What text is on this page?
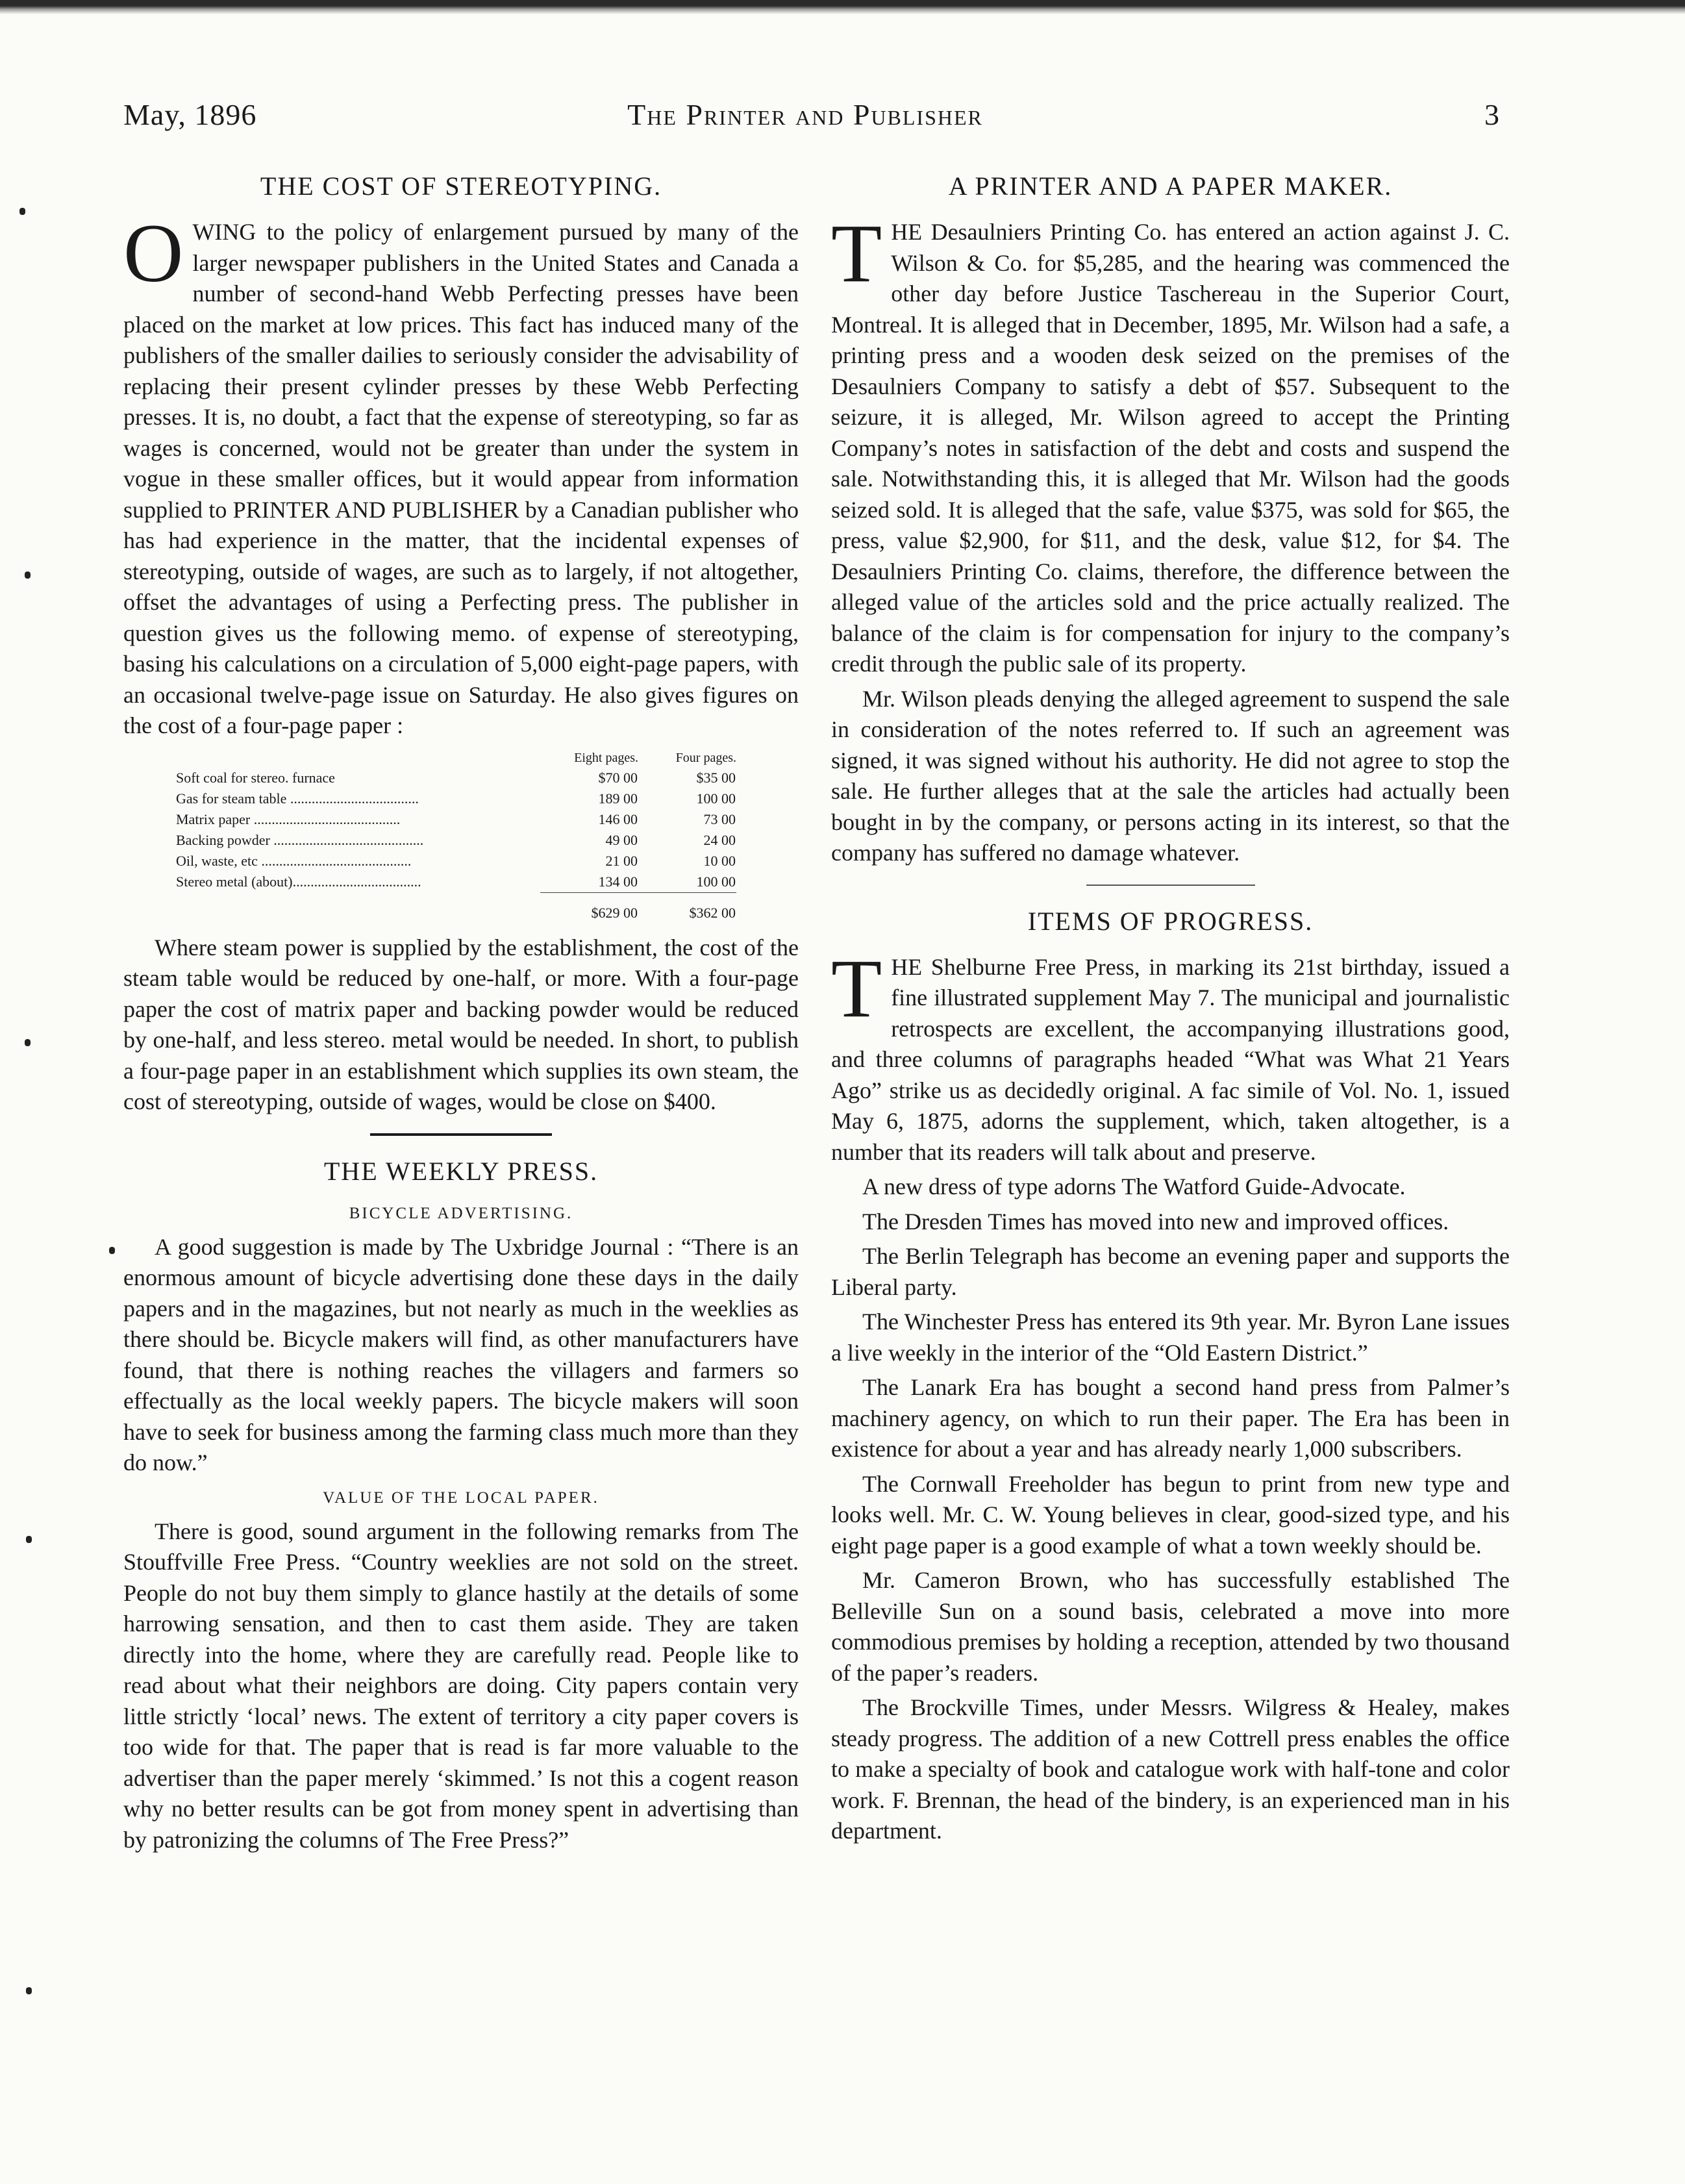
May, 1896	The Printer and Publisher	3
THE COST OF STEREOTYPING.

OWING to the policy of enlargement pursued by many of the larger newspaper publishers in the United States and Canada a number of second-hand Webb Perfecting presses have been placed on the market at low prices. This fact has induced many of the publishers of the smaller dailies to seriously consider the advisability of replacing their present cylinder presses by these Webb Perfecting presses. It is, no doubt, a fact that the expense of stereotyping, so far as wages is concerned, would not be greater than under the system in vogue in these smaller offices, but it would appear from information supplied to PRINTER AND PUBLISHER by a Canadian publisher who has had experience in the matter, that the incidental expenses of stereotyping, outside of wages, are such as to largely, if not altogether, offset the advantages of using a Perfecting press. The publisher in question gives us the following memo. of expense of stereotyping, basing his calculations on a circulation of 5,000 eight-page papers, with an occasional twelve-page issue on Saturday. He also gives figures on the cost of a four-page paper :

	Eight pages.	Four pages.
Soft coal for stereo. furnace	$70 00	$35 00
Gas for steam table ....................................	189 00	100 00
Matrix paper .........................................	146 00	73 00
Backing powder ..........................................	49 00	24 00
Oil, waste, etc ..........................................	21 00	10 00
Stereo metal (about)....................................	134 00	100 00
	$629 00	$362 00

Where steam power is supplied by the establishment, the cost of the steam table would be reduced by one-half, or more. With a four-page paper the cost of matrix paper and backing powder would be reduced by one-half, and less stereo. metal would be needed. In short, to publish a four-page paper in an establishment which supplies its own steam, the cost of stereotyping, outside of wages, would be close on $400.

THE WEEKLY PRESS.
BICYCLE ADVERTISING.

A good suggestion is made by The Uxbridge Journal : “There is an enormous amount of bicycle advertising done these days in the daily papers and in the magazines, but not nearly as much in the weeklies as there should be. Bicycle makers will find, as other manufacturers have found, that there is nothing reaches the villagers and farmers so effectually as the local weekly papers. The bicycle makers will soon have to seek for business among the farming class much more than they do now.”

VALUE OF THE LOCAL PAPER.

There is good, sound argument in the following remarks from The Stouffville Free Press. “Country weeklies are not sold on the street. People do not buy them simply to glance hastily at the details of some harrowing sensation, and then to cast them aside. They are taken directly into the home, where they are carefully read. People like to read about what their neighbors are doing. City papers contain very little strictly ‘local’ news. The extent of territory a city paper covers is too wide for that. The paper that is read is far more valuable to the advertiser than the paper merely ‘skimmed.’ Is not this a cogent reason why no better results can be got from money spent in advertising than by patronizing the columns of The Free Press?”

A PRINTER AND A PAPER MAKER.

THE Desaulniers Printing Co. has entered an action against J. C. Wilson & Co. for $5,285, and the hearing was commenced the other day before Justice Taschereau in the Superior Court, Montreal. It is alleged that in December, 1895, Mr. Wilson had a safe, a printing press and a wooden desk seized on the premises of the Desaulniers Company to satisfy a debt of $57. Subsequent to the seizure, it is alleged, Mr. Wilson agreed to accept the Printing Company’s notes in satisfaction of the debt and costs and suspend the sale. Notwithstanding this, it is alleged that Mr. Wilson had the goods seized sold. It is alleged that the safe, value $375, was sold for $65, the press, value $2,900, for $11, and the desk, value $12, for $4. The Desaulniers Printing Co. claims, therefore, the difference between the alleged value of the articles sold and the price actually realized. The balance of the claim is for compensation for injury to the company’s credit through the public sale of its property.

Mr. Wilson pleads denying the alleged agreement to suspend the sale in consideration of the notes referred to. If such an agreement was signed, it was signed without his authority. He did not agree to stop the sale. He further alleges that at the sale the articles had actually been bought in by the company, or persons acting in its interest, so that the company has suffered no damage whatever.

ITEMS OF PROGRESS.

THE Shelburne Free Press, in marking its 21st birthday, issued a fine illustrated supplement May 7. The municipal and journalistic retrospects are excellent, the accompanying illustrations good, and three columns of paragraphs headed “What was What 21 Years Ago” strike us as decidedly original. A fac simile of Vol. No. 1, issued May 6, 1875, adorns the supplement, which, taken altogether, is a number that its readers will talk about and preserve.

A new dress of type adorns The Watford Guide-Advocate.

The Dresden Times has moved into new and improved offices.

The Berlin Telegraph has become an evening paper and supports the Liberal party.

The Winchester Press has entered its 9th year. Mr. Byron Lane issues a live weekly in the interior of the “Old Eastern District.”

The Lanark Era has bought a second hand press from Palmer’s machinery agency, on which to run their paper. The Era has been in existence for about a year and has already nearly 1,000 subscribers.

The Cornwall Freeholder has begun to print from new type and looks well. Mr. C. W. Young believes in clear, good-sized type, and his eight page paper is a good example of what a town weekly should be.

Mr. Cameron Brown, who has successfully established The Belleville Sun on a sound basis, celebrated a move into more commodious premises by holding a reception, attended by two thousand of the paper’s readers.

The Brockville Times, under Messrs. Wilgress & Healey, makes steady progress. The addition of a new Cottrell press enables the office to make a specialty of book and catalogue work with half-tone and color work. F. Brennan, the head of the bindery, is an experienced man in his department.
